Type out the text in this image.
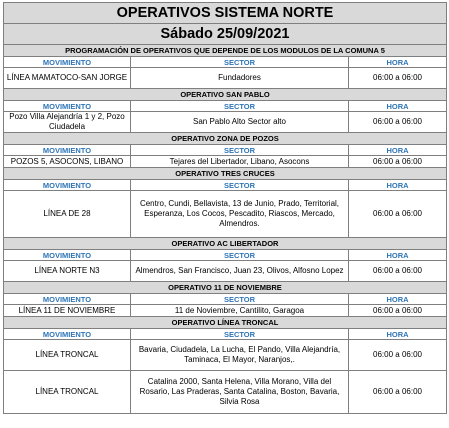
OPERATIVOS SISTEMA NORTE		
Sábado 25/09/2021		
PROGRAMACIÓN DE OPERATIVOS QUE DEPENDE DE LOS MODULOS DE LA COMUNA 5		
MOVIMIENTO	SECTOR	HORA
LÍNEA MAMATOCO-SAN JORGE	Fundadores	06:00 a 06:00
OPERATIVO SAN PABLO		
MOVIMIENTO	SECTOR	HORA
Pozo Villa Alejandría 1 y 2, Pozo Ciudadela	San Pablo Alto Sector alto	06:00 a 06:00
OPERATIVO ZONA DE POZOS		
MOVIMIENTO	SECTOR	HORA
POZOS 5, ASOCONS, LIBANO	Tejares del Libertador, Libano, Asocons	06:00 a 06:00
OPERATIVO TRES CRUCES		
MOVIMIENTO	SECTOR	HORA
LÍNEA DE 28	Centro, Cundi, Bellavista, 13 de Junio, Prado, Territorial, Esperanza, Los Cocos, Pescadito, Riascos, Mercado, Almendros.	06:00 a 06:00
OPERATIVO AC LIBERTADOR		
MOVIMIENTO	SECTOR	HORA
LÍNEA NORTE N3	Almendros, San Francisco, Juan 23, Olivos, Alfosno Lopez	06:00 a 06:00
OPERATIVO 11 DE NOVIEMBRE		
MOVIMIENTO	SECTOR	HORA
LÍNEA 11 DE NOVIEMBRE	11 de Noviembre, Cantilito, Garagoa	06:00 a 06:00
OPERATIVO LÍNEA TRONCAL		
MOVIMIENTO	SECTOR	HORA
LÍNEA TRONCAL	Bavaria, Ciudadela, La Lucha, El Pando, Villa Alejandría, Taminaca, El Mayor, Naranjos,.	06:00 a 06:00
LÍNEA TRONCAL	Catalina 2000, Santa Helena, Villa Morano, Villa del Rosario, Las Praderas, Santa Catalina, Boston, Bavaria, Silvia Rosa	06:00 a 06:00
